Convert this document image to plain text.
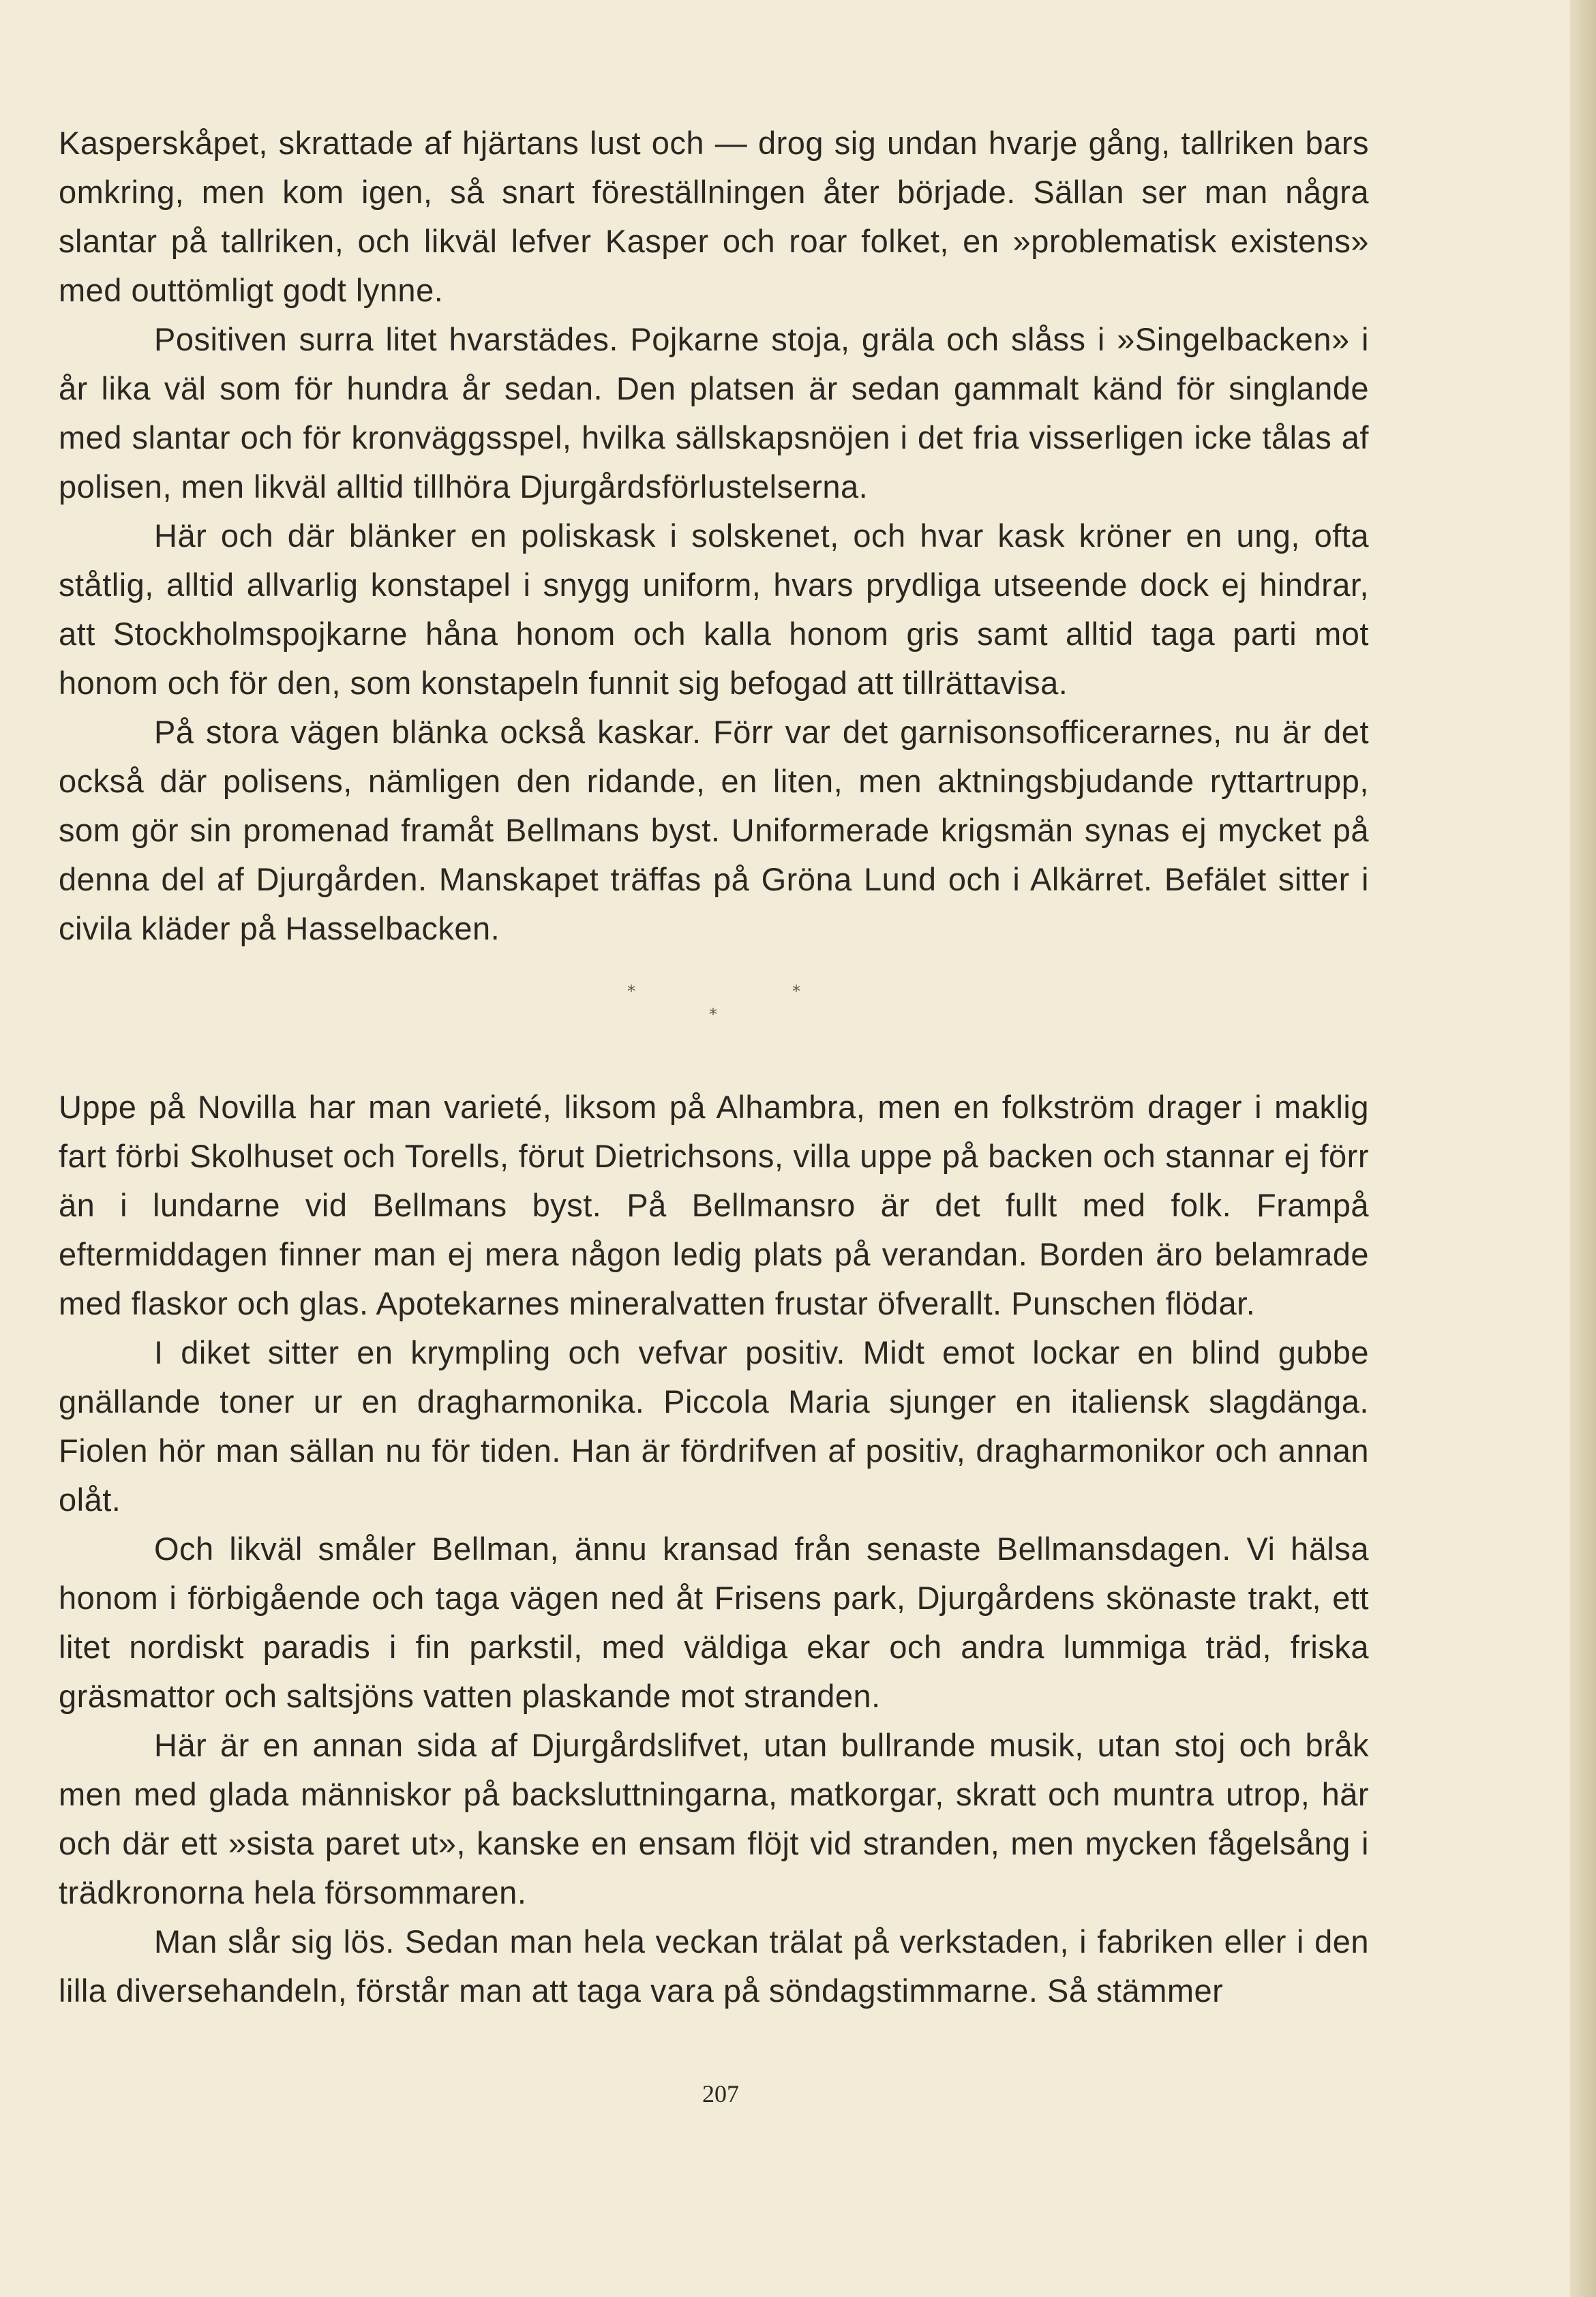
Kasperskåpet, skrattade af hjärtans lust och — drog sig undan hvarje gång, tallriken bars omkring, men kom igen, så snart föreställningen åter började. Sällan ser man några slantar på tallriken, och likväl lefver Kasper och roar folket, en »problematisk existens» med outtömligt godt lynne.

Positiven surra litet hvarstädes. Pojkarne stoja, gräla och slåss i »Singelbacken» i år lika väl som för hundra år sedan. Den platsen är sedan gammalt känd för singlande med slantar och för kronväggsspel, hvilka sällskapsnöjen i det fria visserligen icke tålas af polisen, men likväl alltid tillhöra Djurgårdsförlustelserna.

Här och där blänker en poliskask i solskenet, och hvar kask kröner en ung, ofta ståtlig, alltid allvarlig konstapel i snygg uniform, hvars prydliga utseende dock ej hindrar, att Stockholmspojkarne håna honom och kalla honom gris samt alltid taga parti mot honom och för den, som konstapeln funnit sig befogad att tillrättavisa.

På stora vägen blänka också kaskar. Förr var det garnisonsofficerarnes, nu är det också där polisens, nämligen den ridande, en liten, men aktningsbjudande ryttartrupp, som gör sin promenad framåt Bellmans byst. Uniformerade krigsmän synas ej mycket på denna del af Djurgården. Manskapet träffas på Gröna Lund och i Alkärret. Befälet sitter i civila kläder på Hasselbacken.

*	*
*

Uppe på Novilla har man varieté, liksom på Alhambra, men en folkström drager i maklig fart förbi Skolhuset och Torells, förut Dietrichsons, villa uppe på backen och stannar ej förr än i lundarne vid Bellmans byst. På Bellmansro är det fullt med folk. Frampå eftermiddagen finner man ej mera någon ledig plats på verandan. Borden äro belamrade med flaskor och glas. Apotekarnes mineralvatten frustar öfverallt. Punschen flödar.

I diket sitter en krympling och vefvar positiv. Midt emot lockar en blind gubbe gnällande toner ur en dragharmonika. Piccola Maria sjunger en italiensk slagdänga. Fiolen hör man sällan nu för tiden. Han är fördrifven af positiv, dragharmonikor och annan olåt.

Och likväl småler Bellman, ännu kransad från senaste Bellmansdagen. Vi hälsa honom i förbigående och taga vägen ned åt Frisens park, Djurgårdens skönaste trakt, ett litet nordiskt paradis i fin parkstil, med väldiga ekar och andra lummiga träd, friska gräsmattor och saltsjöns vatten plaskande mot stranden.

Här är en annan sida af Djurgårdslifvet, utan bullrande musik, utan stoj och bråk men med glada människor på backsluttningarna, matkorgar, skratt och muntra utrop, här och där ett »sista paret ut», kanske en ensam flöjt vid stranden, men mycken fågelsång i trädkronorna hela försommaren.

Man slår sig lös. Sedan man hela veckan trälat på verkstaden, i fabriken eller i den lilla diversehandeln, förstår man att taga vara på söndagstimmarne. Så stämmer

207
